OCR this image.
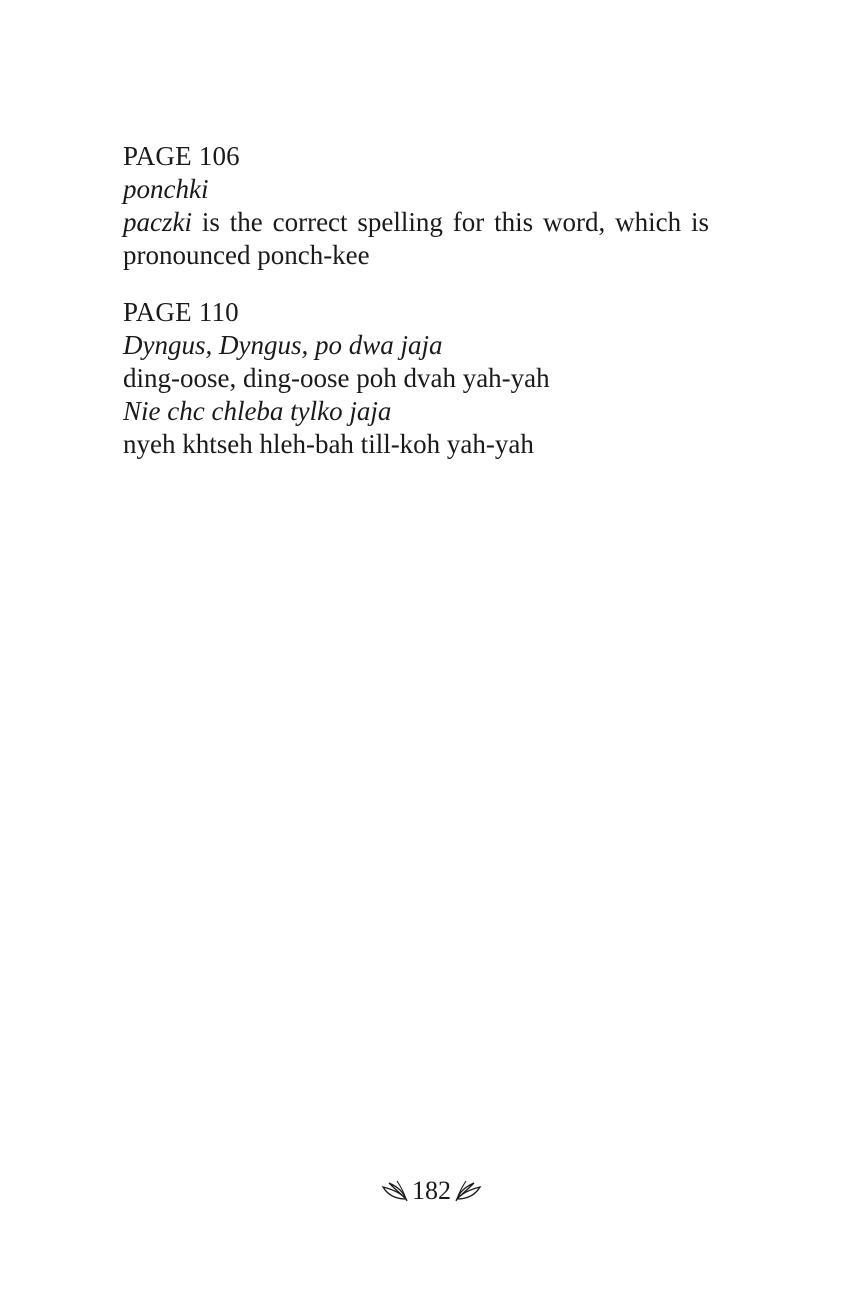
PAGE 106
ponchki
paczki is the correct spelling for this word, which is pronounced ponch-kee
PAGE 110
Dyngus, Dyngus, po dwa jaja
ding-oose, ding-oose poh dvah yah-yah
Nie chc chleba tylko jaja
nyeh khtseh hleh-bah till-koh yah-yah
182
